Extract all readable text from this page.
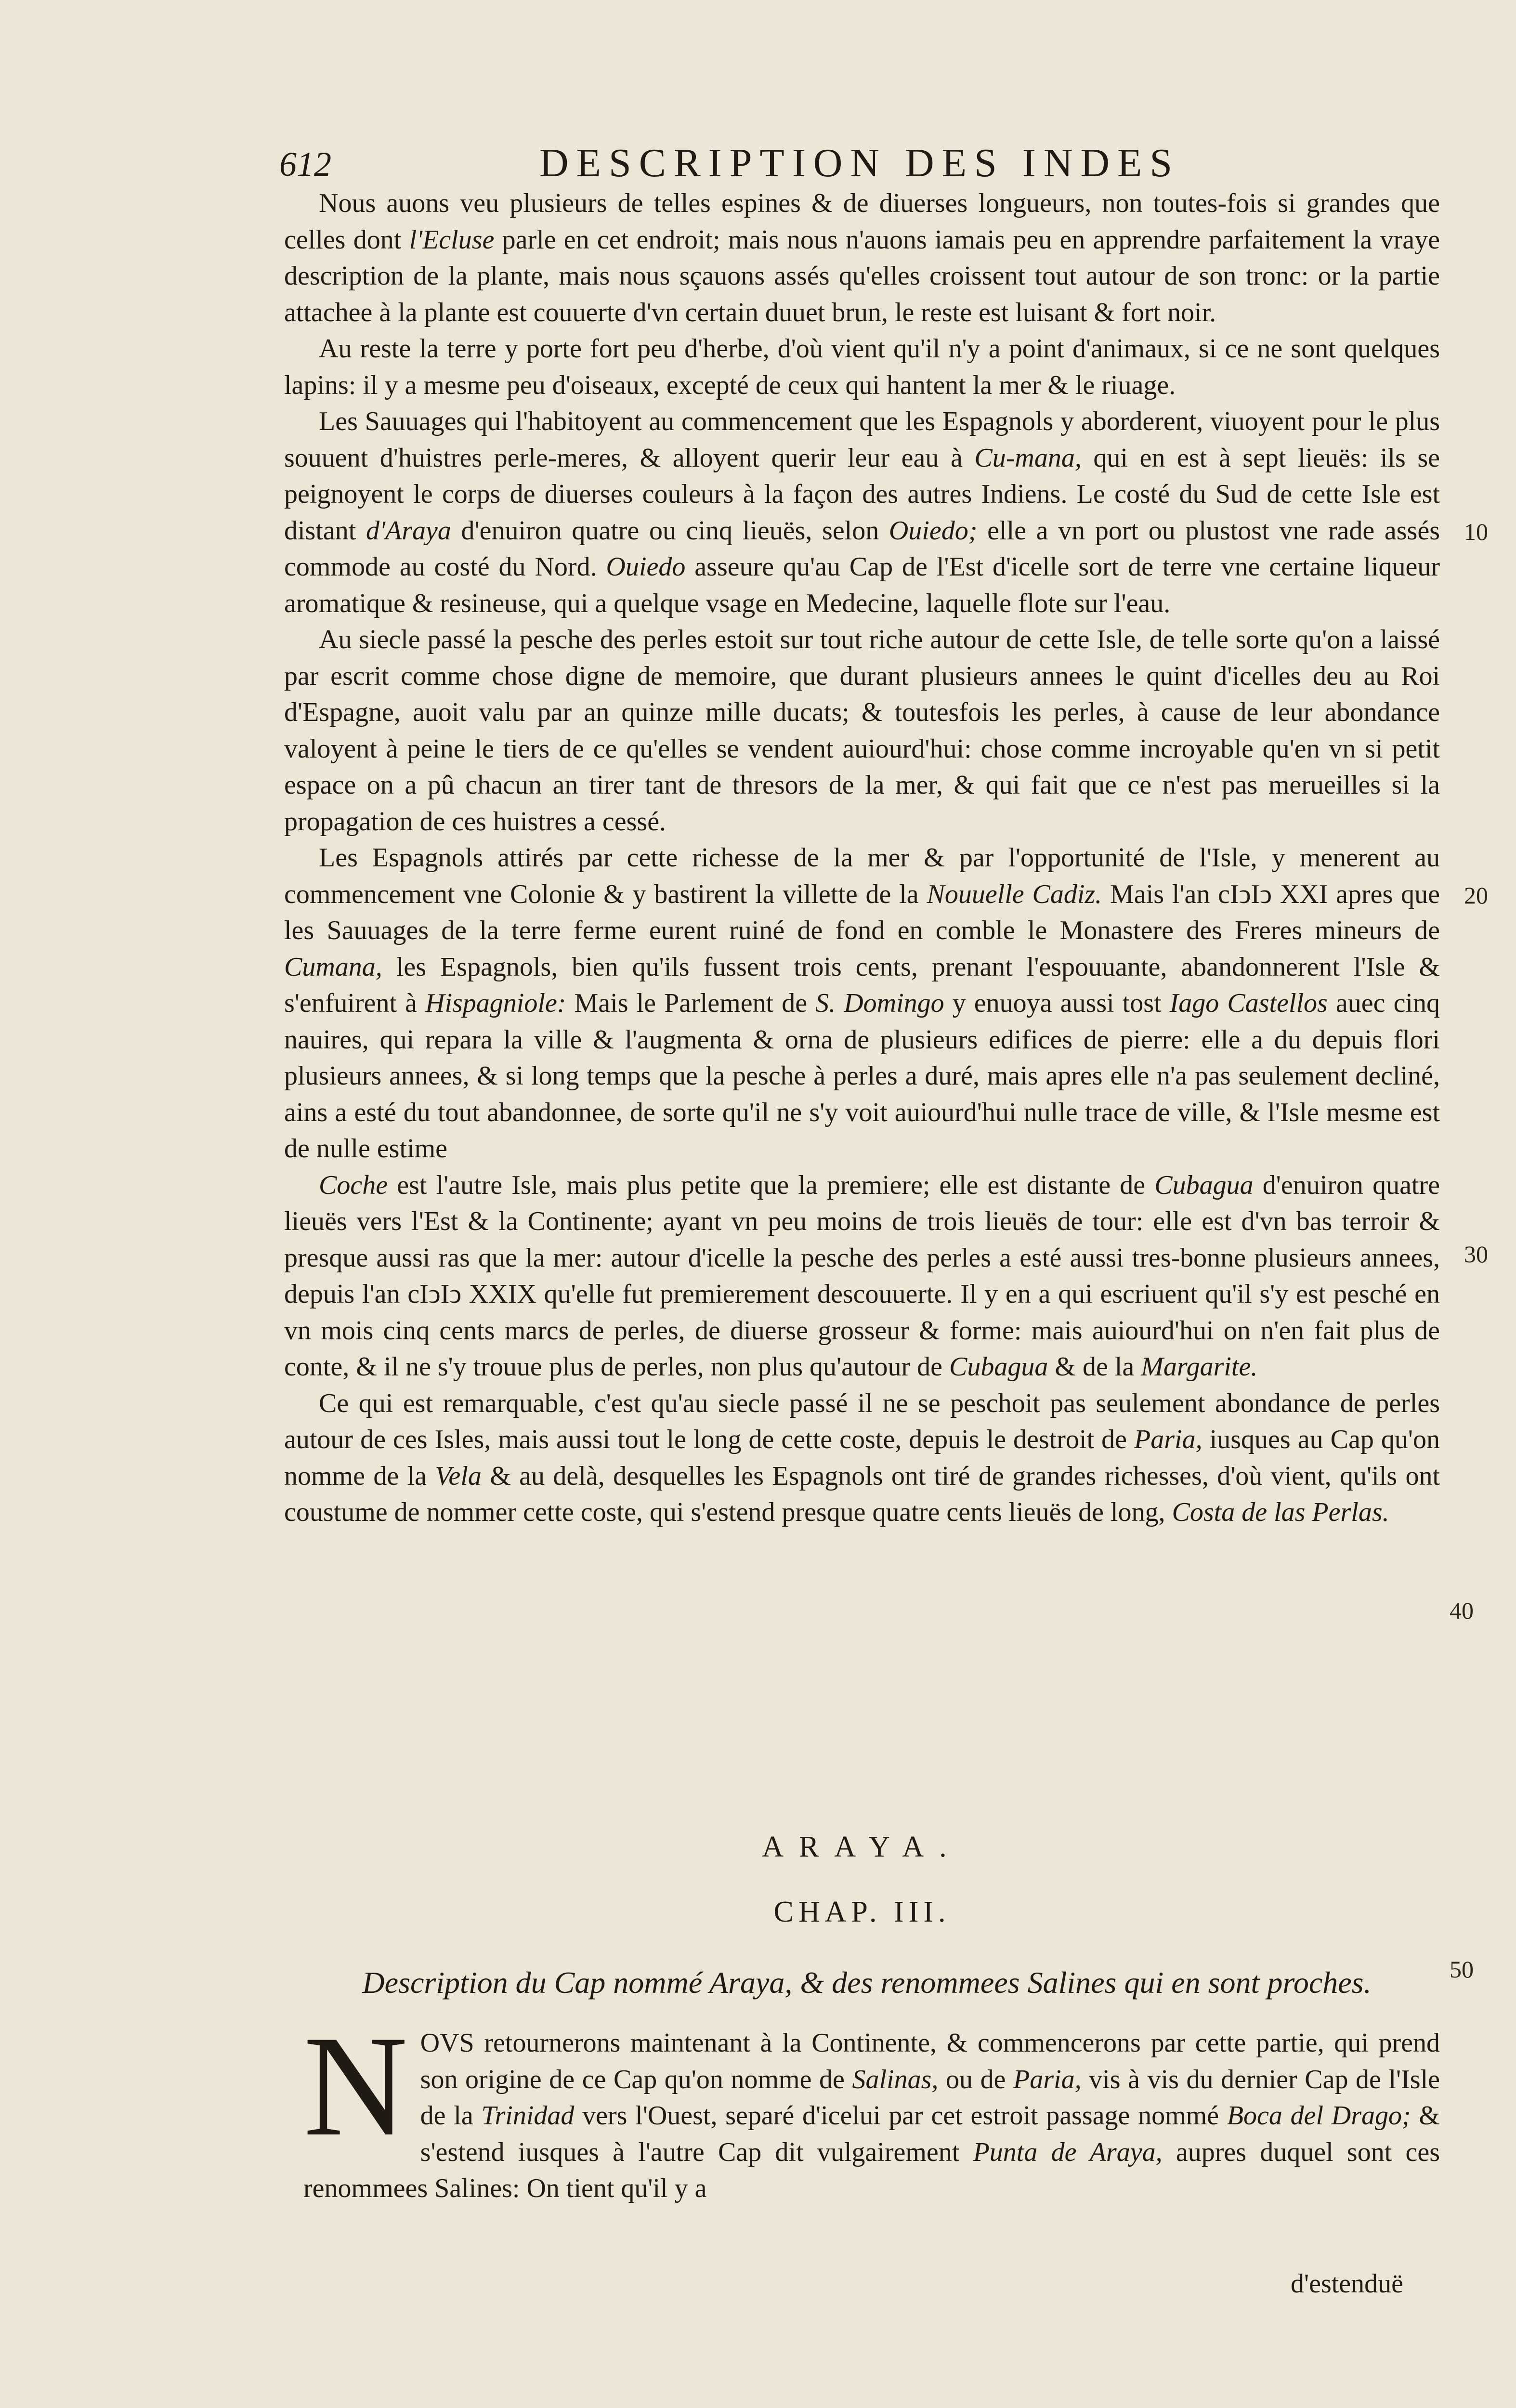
612	DESCRIPTION DES INDES

Nous auons veu plusieurs de telles espines & de diuerses longueurs, non toutes-fois si grandes que celles dont l'Ecluse parle en cet endroit; mais nous n'auons iamais peu en apprendre parfaitement la vraye description de la plante, mais nous sçauons assés qu'elles croissent tout autour de son tronc: or la partie attachee à la plante est couuerte d'vn certain duuet brun, le reste est luisant & fort noir.

Au reste la terre y porte fort peu d'herbe, d'où vient qu'il n'y a point d'animaux, si ce ne sont quelques lapins: il y a mesme peu d'oiseaux, excepté de ceux qui hantent la mer & le riuage.

Les Sauuages qui l'habitoyent au commencement que les Espagnols y aborderent, viuoyent pour le plus souuent d'huistres perle-meres, & alloyent querir leur eau à Cu-mana, qui en est à sept lieuës: ils se peignoyent le corps de diuerses couleurs à la façon des autres Indiens. Le costé du Sud de cette Isle est distant d'Araya d'enuiron quatre ou cinq lieuës, selon Ouiedo; elle a vn port ou plustost vne rade assés commode au costé du Nord. Ouiedo asseure qu'au Cap de l'Est d'icelle sort de terre vne certaine liqueur aromatique & resineuse, qui a quelque vsage en Medecine, laquelle flote sur l'eau.

Au siecle passé la pesche des perles estoit sur tout riche autour de cette Isle, de telle sorte qu'on a laissé par escrit comme chose digne de memoire, que durant plusieurs annees le quint d'icelles deu au Roi d'Espagne, auoit valu par an quinze mille ducats; & toutesfois les perles, à cause de leur abondance valoyent à peine le tiers de ce qu'elles se vendent auiourd'hui: chose comme incroyable qu'en vn si petit espace on a pû chacun an tirer tant de thresors de la mer, & qui fait que ce n'est pas merueilles si la propagation de ces huistres a cessé.

Les Espagnols attirés par cette richesse de la mer & par l'opportunité de l'Isle, y menerent au commencement vne Colonie & y bastirent la villette de la Nouuelle Cadiz. Mais l'an cIↄIↄ XXI apres que les Sauuages de la terre ferme eurent ruiné de fond en comble le Monastere des Freres mineurs de Cumana, les Espagnols, bien qu'ils fussent trois cents, prenant l'espouuante, abandonnerent l'Isle & s'enfuirent à Hispagniole: Mais le Parlement de S. Domingo y enuoya aussi tost Iago Castellos auec cinq nauires, qui repara la ville & l'augmenta & orna de plusieurs edifices de pierre: elle a du depuis flori plusieurs annees, & si long temps que la pesche à perles a duré, mais apres elle n'a pas seulement decliné, ains a esté du tout abandonnee, de sorte qu'il ne s'y voit auiourd'hui nulle trace de ville, & l'Isle mesme est de nulle estime

Coche est l'autre Isle, mais plus petite que la premiere; elle est distante de Cubagua d'enuiron quatre lieuës vers l'Est & la Continente; ayant vn peu moins de trois lieuës de tour: elle est d'vn bas terroir & presque aussi ras que la mer: autour d'icelle la pesche des perles a esté aussi tres-bonne plusieurs annees, depuis l'an cIↄIↄ XXIX qu'elle fut premierement descouuerte. Il y en a qui escriuent qu'il s'y est pesché en vn mois cinq cents marcs de perles, de diuerse grosseur & forme: mais auiourd'hui on n'en fait plus de conte, & il ne s'y trouue plus de perles, non plus qu'autour de Cubagua & de la Margarite.

Ce qui est remarquable, c'est qu'au siecle passé il ne se peschoit pas seulement abondance de perles autour de ces Isles, mais aussi tout le long de cette coste, depuis le destroit de Paria, iusques au Cap qu'on nomme de la Vela & au delà, desquelles les Espagnols ont tiré de grandes richesses, d'où vient, qu'ils ont coustume de nommer cette coste, qui s'estend presque quatre cents lieuës de long, Costa de las Perlas.

10
20
30
40
50
ARAYA.
CHAP. III.
Description du Cap nommé Araya, & des renommees Salines qui en sont proches.
N OVS retournerons maintenant à la Continente, & commencerons par cette partie, qui prend son origine de ce Cap qu'on nomme de Salinas, ou de Paria, vis à vis du dernier Cap de l'Isle de la Trinidad vers l'Ouest, separé d'icelui par cet estroit passage nommé Boca del Drago; & s'estend iusques à l'autre Cap dit vulgairement Punta de Araya, aupres duquel sont ces renommees Salines: On tient qu'il y a
d'estenduë
